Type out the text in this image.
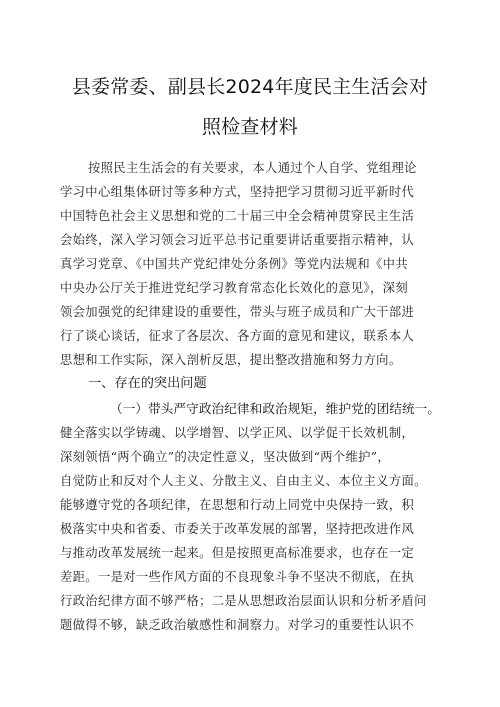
县委常委、副县长2024年度民主生活会对
照检查材料
按照民主生活会的有关要求，本人通过个人自学、党组理论
学习中心组集体研讨等多种方式，坚持把学习贯彻习近平新时代
中国特色社会主义思想和党的二十届三中全会精神贯穿民主生活
会始终，深入学习领会习近平总书记重要讲话重要指示精神，认
真学习党章、《中国共产党纪律处分条例》等党内法规和《中共
中央办公厅关于推进党纪学习教育常态化长效化的意见》，深刻
领会加强党的纪律建设的重要性，带头与班子成员和广大干部进
行了谈心谈话，征求了各层次、各方面的意见和建议，联系本人
思想和工作实际，深入剖析反思，提出整改措施和努力方向。
一、存在的突出问题
（一）带头严守政治纪律和政治规矩，维护党的团结统一。
健全落实以学铸魂、以学增智、以学正风、以学促干长效机制，
深刻领悟“两个确立”的决定性意义，坚决做到“两个维护”，
自觉防止和反对个人主义、分散主义、自由主义、本位主义方面。
能够遵守党的各项纪律，在思想和行动上同党中央保持一致，积
极落实中央和省委、市委关于改革发展的部署，坚持把改进作风
与推动改革发展统一起来。但是按照更高标准要求，也存在一定
差距。一是对一些作风方面的不良现象斗争不坚决不彻底，在执
行政治纪律方面不够严格；二是从思想政治层面认识和分析矛盾问
题做得不够，缺乏政治敏感性和洞察力。对学习的重要性认识不
